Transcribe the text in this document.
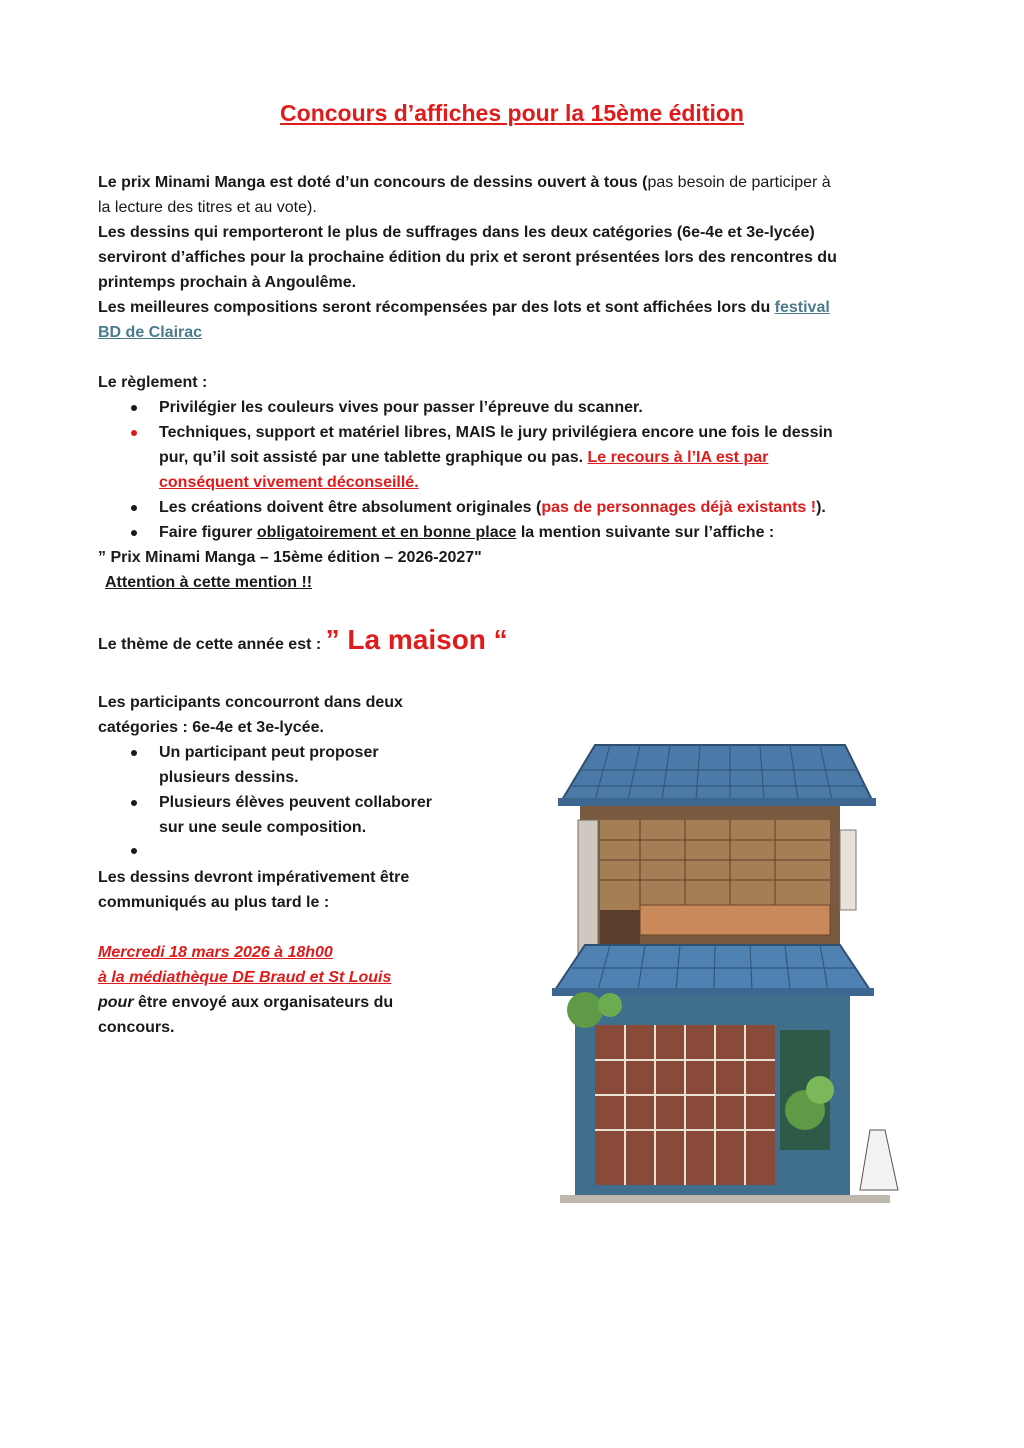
Concours d’affiches pour la 15ème édition
Le prix Minami Manga est doté d’un concours de dessins ouvert à tous (pas besoin de participer à
la lecture des titres et au vote).
Les dessins qui remporteront le plus de suffrages dans les deux catégories (6e-4e et 3e-lycée)
serviront d’affiches pour la prochaine édition du prix et seront présentées lors des rencontres du
printemps prochain à Angoulême.
Les meilleures compositions seront récompensées par des lots et sont affichées lors du festival
BD de Clairac
Le règlement :
Privilégier les couleurs vives pour passer l’épreuve du scanner.
Techniques, support et matériel libres, MAIS le jury privilégiera encore une fois le dessin
pur, qu’il soit assisté par une tablette graphique ou pas. Le recours à l’IA est par
conséquent vivement déconseillé.
Les créations doivent être absolument originales (pas de personnages déjà existants !).
Faire figurer obligatoirement et en bonne place la mention suivante sur l’affiche :
” Prix Minami Manga – 15ème édition – 2026-2027"
Attention à cette mention !!
Le thème de cette année est : ” La maison “
Les participants concourront dans deux
catégories : 6e-4e et 3e-lycée.
Un participant peut proposer
plusieurs dessins.
Plusieurs élèves peuvent collaborer
sur une seule composition.
Les dessins devront impérativement être
communiqués au plus tard le :
Mercredi 18 mars 2026 à 18h00
à la médiathèque DE Braud et St Louis
pour être envoyé aux organisateurs du
concours.
